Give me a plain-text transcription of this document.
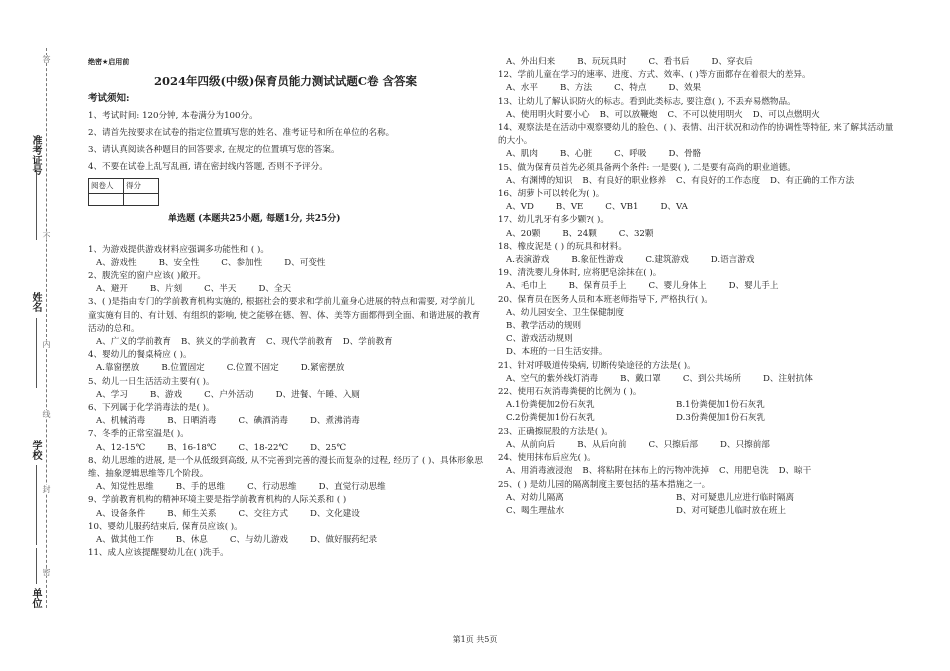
准考证号
姓名
学校
单位
答
不
内
线
封
密
绝密★启用前
2024年四级(中级)保育员能力测试试题C卷 含答案
考试须知:
1、考试时间: 120分钟, 本卷满分为100分。
2、请首先按要求在试卷的指定位置填写您的姓名、准考证号和所在单位的名称。
3、请认真阅读各种题目的回答要求, 在规定的位置填写您的答案。
4、不要在试卷上乱写乱画, 请在密封线内答题, 否则不予评分。
阅卷人	得分

1、为游戏提供游戏材料应强调多功能性和 ( )。
A、游戏性	B、安全性	C、参加性	D、可变性
2、腹洗室的窗户应该( )敞开。
A、避开	B、片刻	C、半天	D、全天
3、( )是指由专门的学前教育机构实施的, 根据社会的要求和学前儿童身心进展的特点和需要, 对学前儿童实施有目的、有计划、有组织的影响, 使之能够在德、智、体、美等方面都得到全面、和谐进展的教育活动的总和。
A、广义的学前教育 B、狭义的学前教育 C、现代学前教育 D、学前教育
4、婴幼儿的餐桌椅应 ( )。
A.靠窗摆放	B.位置固定	C.位置不固定	D.紧密摆放
5、幼儿一日生活活动主要有( )。
A、学习	B、游戏	C、户外活动	D、进餐、午睡、入厕
6、下列属于化学消毒法的是( )。
A、机械消毒	B、日晒消毒	C、碘酒消毒	D、煮沸消毒
7、冬季的正常室温是( )。
A、12-15℃	B、16-18℃	C、18-22℃	D、25℃
8、幼儿思维的进展, 是一个从低级到高级, 从不完善到完善的漫长而复杂的过程, 经历了 ( )、具体形象思维、抽象逻辑思维等几个阶段。
A、知觉性思维	B、手的思维	C、行动思维	D、直觉行动思维
9、学前教育机构的精神环境主要是指学前教育机构的人际关系和 ( )
A、设备条件	B、师生关系	C、交往方式	D、文化建设
10、婴幼儿服药结束后, 保育员应该( )。
A、做其他工作	B、休息	C、与幼儿游戏	D、做好服药纪录
11、成人应该提醒婴幼儿在( )洗手。
单选题 (本题共25小题, 每题1分, 共25分)
A、外出归来	B、玩玩具时	C、看书后	D、穿衣后
12、学前儿童在学习的速率、进度、方式、效率、( )等方面都存在着很大的差异。
A、水平	B、方法	C、特点	D、效果
13、让幼儿了解认识防火的标志。看到此类标志, 要注意( ), 不丢弃易燃物品。
A、使用明火时要小心 B、可以放鞭炮 C、不可以使用明火 D、可以点燃明火
14、观察法是在活动中观察婴幼儿的脸色、( )、表情、出汗状况和动作的协调性等特征, 来了解其活动量的大小。
A、肌肉	B、心脏	C、呼吸	D、骨骼
15、做为保育员首先必须具备两个条件: 一是要( ), 二是要有高尚的职业道德。
A、有渊博的知识 B、有良好的职业修养 C、有良好的工作态度 D、有正确的工作方法
16、胡萝卜可以转化为( )。
A、VD	B、VE	C、VB1	D、VA
17、幼儿乳牙有多少颗?( )。
A、20颗	B、24颗	C、32颗
18、橡皮泥是 ( ) 的玩具和材料。
A.表演游戏	B.象征性游戏	C.建筑游戏	D.语言游戏
19、清洗婴儿身体时, 应将肥皂涂抹在( )。
A、毛巾上	B、保育员手上	C、婴儿身体上	D、婴儿手上
20、保育员在医务人员和本班老师指导下, 严格执行( )。
A、幼儿园安全、卫生保健制度
B、教学活动的规则
C、游戏活动规则
D、本班的一日生活安排。
21、针对呼吸道传染病, 切断传染途径的方法是( )。
A、空气的紫外线灯消毒	B、戴口罩	C、到公共场所	D、注射抗体
22、使用石灰消毒粪便的比例为 ( )。
A.1份粪便加2份石灰乳	B.1份粪便加1份石灰乳
C.2份粪便加1份石灰乳	D.3份粪便加1份石灰乳
23、正确擦屁股的方法是( )。
A、从前向后	B、从后向前	C、只擦后部	D、只擦前部
24、使用抹布后应先( )。
A、用消毒液浸泡 B、将粘附在抹布上的污物冲洗掉 C、用肥皂洗 D、晾干
25、( ) 是幼儿园的隔离制度主要包括的基本措施之一。
A、对幼儿隔离	B、对可疑患儿应进行临时隔离
C、喝生理盐水	D、对可疑患儿临时放在班上
第1页 共5页
